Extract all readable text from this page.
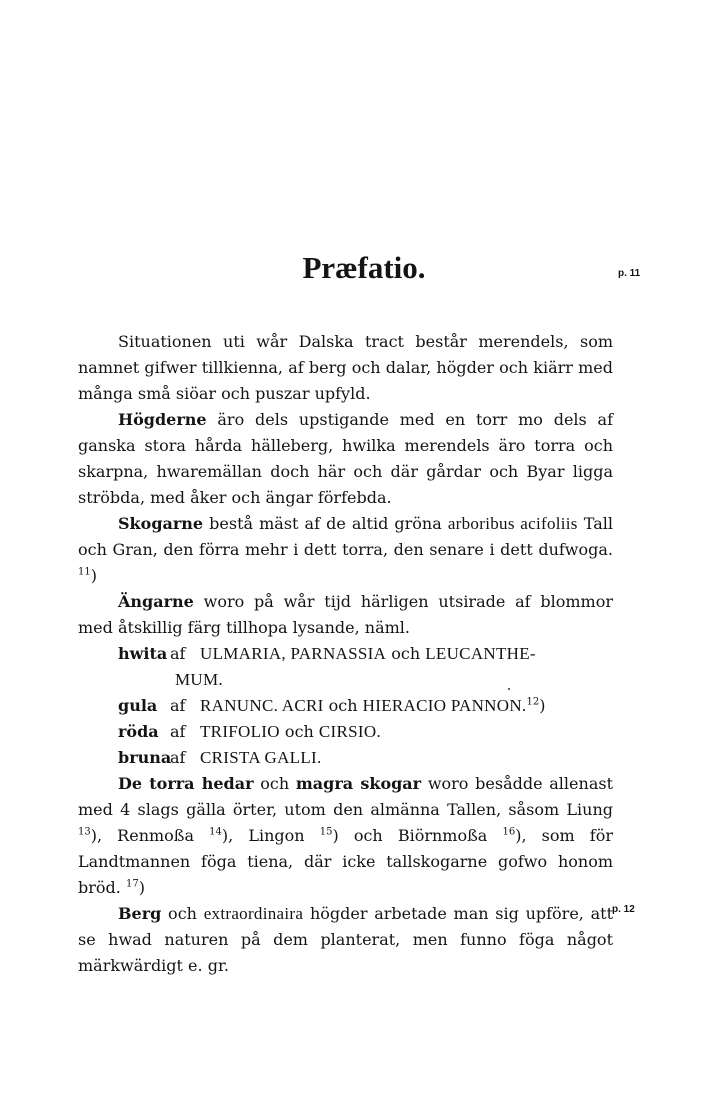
Præfatio.	p. 11
p. 12

Situationen uti wår Dalska tract består merendels, som namnet gifwer tillkienna, af berg och dalar, högder och kiärr med många små siöar och puszar upfyld.

Högderne äro dels upstigande med en torr mo dels af ganska stora hårda hälleberg, hwilka merendels äro torra och skarpna, hwaremällan doch här och där gårdar och Byar ligga ströbda, med åker och ängar förfebda.

Skogarne bestå mäst af de altid gröna arboribus acifoliis Tall och Gran, den förra mehr i dett torra, den senare i dett dufwoga. $^{11}$)

Ängarne woro på wår tijd härligen utsirade af blommor med åtskillig färg tillhopa lysande, näml.

hwita af ULMARIA, PARNASSIA och LEUCANTHE-

MUM.

gula af RANUNC. ACRI och HIERACIO PANNON.$^{12}$)

röda af TRIFOLIO och CIRSIO.

brunaaf CRISTA GALLI.

De torra hedar och magra skogar woro besådde allenast med 4 slags gälla örter, utom den almänna Tallen, såsom Liung $^{13}$), Renmoßa $^{14}$), Lingon $^{15}$) och Biörnmoßa $^{16}$), som för Landtmannen föga tiena, där icke tallskogarne gofwo honom bröd. $^{17}$)

Berg och extraordinaira högder arbetade man sig upföre, att se hwad naturen på dem planterat, men funno föga något märkwärdigt e. gr.
